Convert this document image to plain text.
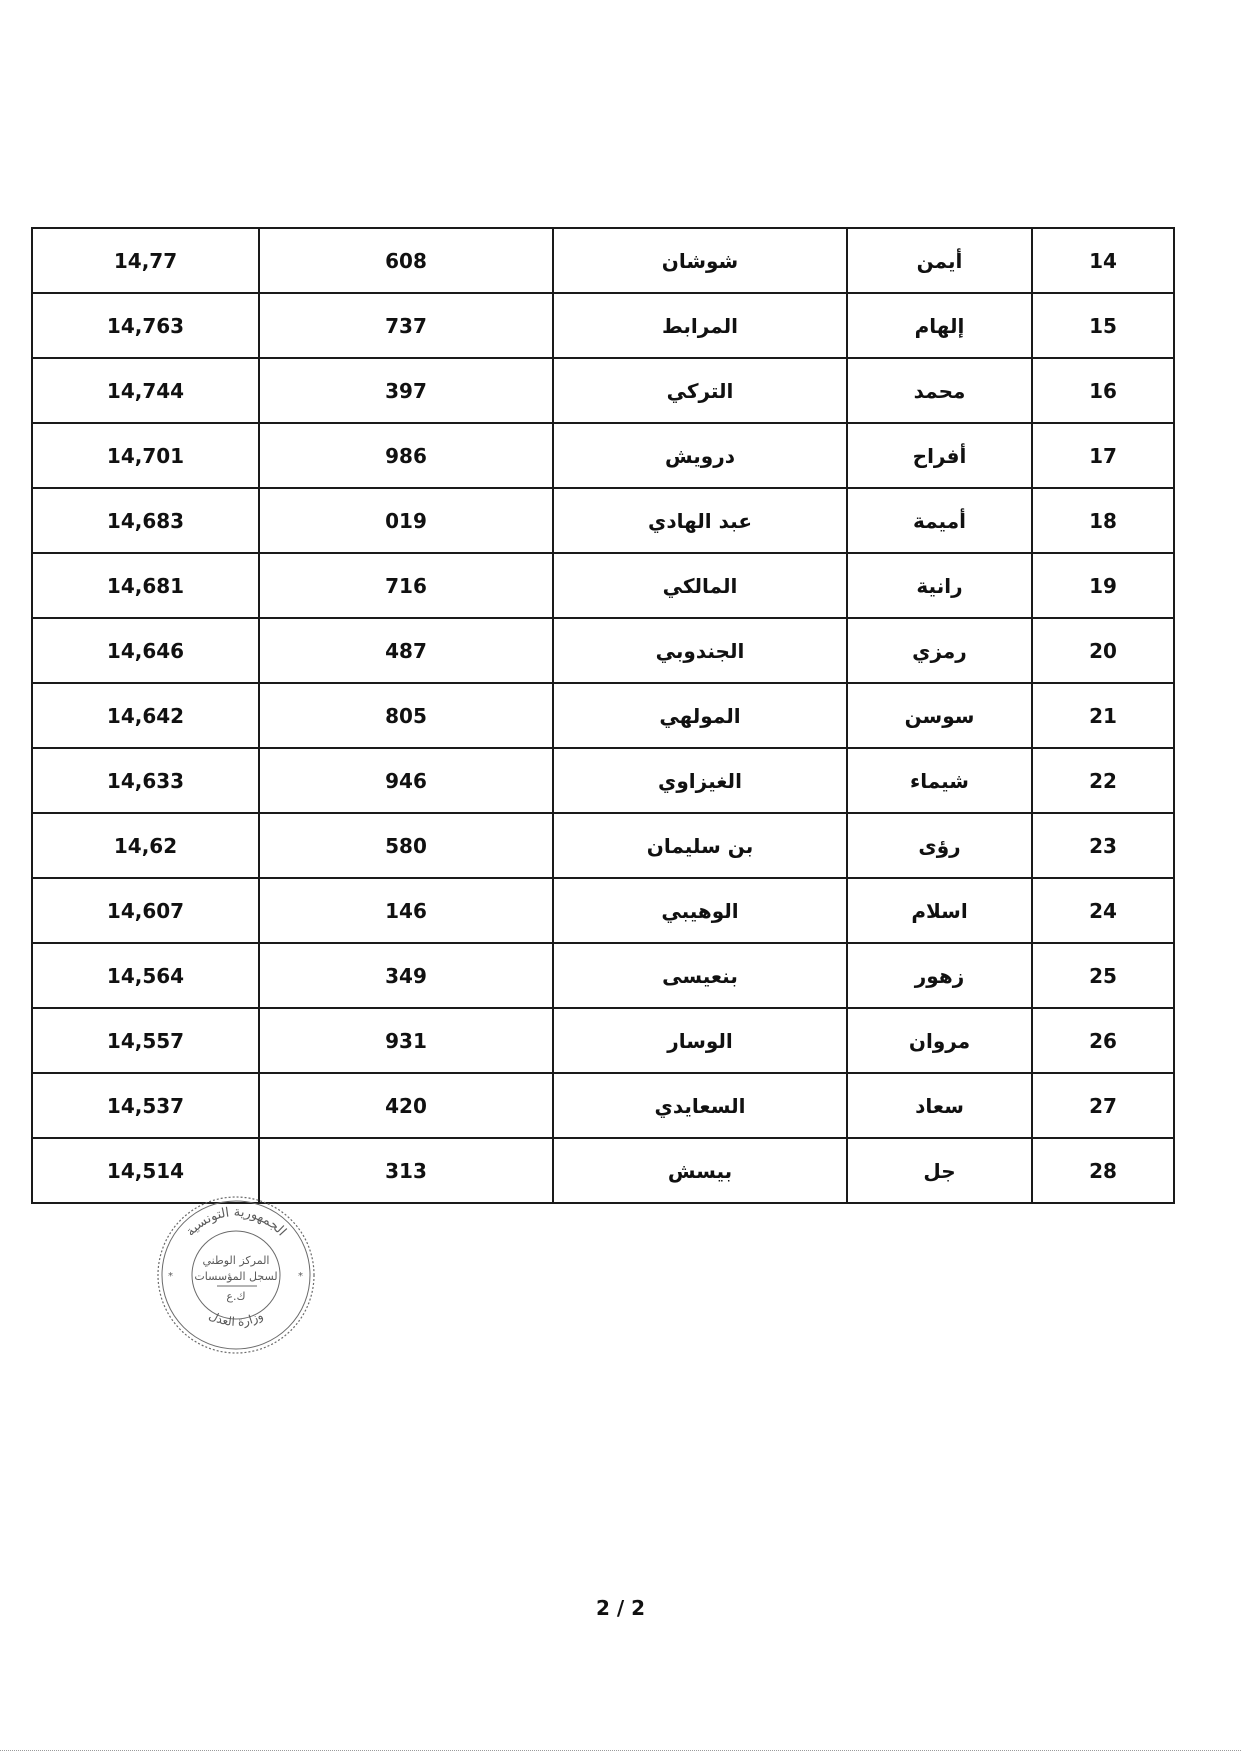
14,77	608	شوشان	أيمن	14
14,763	737	المرابط	إلهام	15
14,744	397	التركي	محمد	16
14,701	986	درويش	أفراح	17
14,683	019	عبد الهادي	أميمة	18
14,681	716	المالكي	رانية	19
14,646	487	الجندوبي	رمزي	20
14,642	805	المولهي	سوسن	21
14,633	946	الغيزاوي	شيماء	22
14,62	580	بن سليمان	رؤى	23
14,607	146	الوهيبي	اسلام	24
14,564	349	بنعيسى	زهور	25
14,557	931	الوسار	مروان	26
14,537	420	السعايدي	سعاد	27
14,514	313	بيسش	جل	28
الجمهورية التونسية
وزارة العدل
المركز الوطني
لسجل المؤسسات
ك.ع
*	*
2 / 2
